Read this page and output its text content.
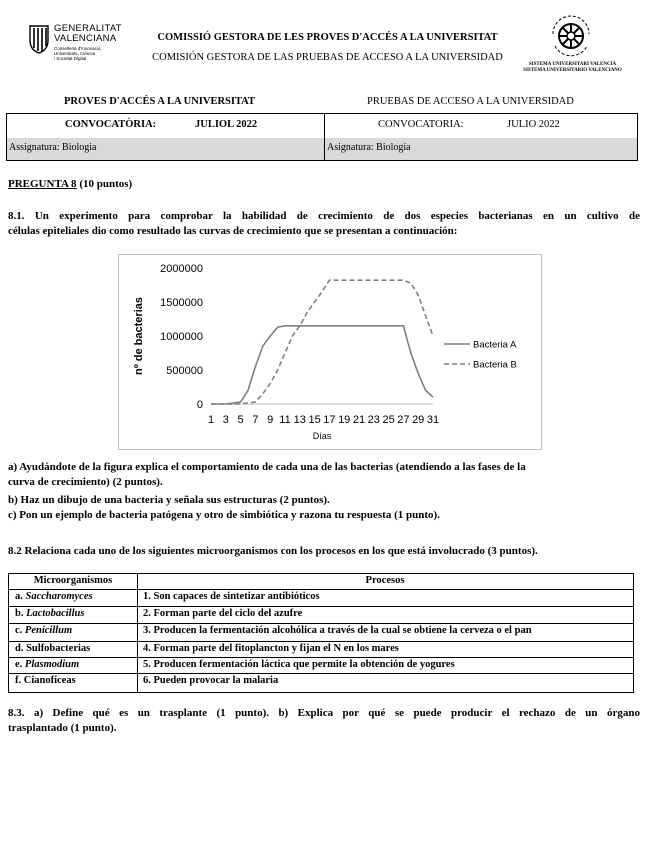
GENERALITAT
VALENCIANA
Conselleria d'Innovació,
Universitats, Ciència
i Societat Digital
COMISSIÓ GESTORA DE LES PROVES D'ACCÉS A LA UNIVERSITAT
COMISIÓN GESTORA DE LAS PRUEBAS DE ACCESO A LA UNIVERSIDAD
SISTEMA UNIVERSITARI VALENCIÀ
SISTEMA UNIVERSITARIO VALENCIANO
PROVES D'ACCÉS A LA UNIVERSITAT	PRUEBAS DE ACCESO A LA UNIVERSIDAD
CONVOCATÒRIA:	JULIOL 2022	CONVOCATORIA:	JULIO 2022
Assignatura: Biologia	Asignatura: Biología
PREGUNTA 8 (10 puntos)
8.1. Un experimento para comprobar la habilidad de crecimiento de dos especies bacterianas en un cultivo de
células epiteliales dio como resultado las curvas de crecimiento que se presentan a continuación:
0
500000
1000000
1500000
2000000
1 3 5 7 9 11 13 15 17 19 21 23 25 27 29 31
Bacteria A
Bacteria B
nº de bacterias
Días
a) Ayudándote de la figura explica el comportamiento de cada una de las bacterias (atendiendo a las fases de la
curva de crecimiento) (2 puntos).
b) Haz un dibujo de una bacteria y señala sus estructuras (2 puntos).
c) Pon un ejemplo de bacteria patógena y otro de simbiótica y razona tu respuesta (1 punto).
8.2 Relaciona cada uno de los siguientes microorganismos con los procesos en los que está involucrado (3 puntos).
Microorganismos	Procesos
a. Saccharomyces	1. Son capaces de sintetizar antibióticos
b. Lactobacillus	2. Forman parte del ciclo del azufre
c. Penicillum	3. Producen la fermentación alcohólica a través de la cual se obtiene la cerveza o el pan
d. Sulfobacterias	4. Forman parte del fitoplancton y fijan el N en los mares
e. Plasmodium	5. Producen fermentación láctica que permite la obtención de yogures
f. Cianofíceas	6. Pueden provocar la malaria
8.3. a) Define qué es un trasplante (1 punto). b) Explica por qué se puede producir el rechazo de un órgano
trasplantado (1 punto).
